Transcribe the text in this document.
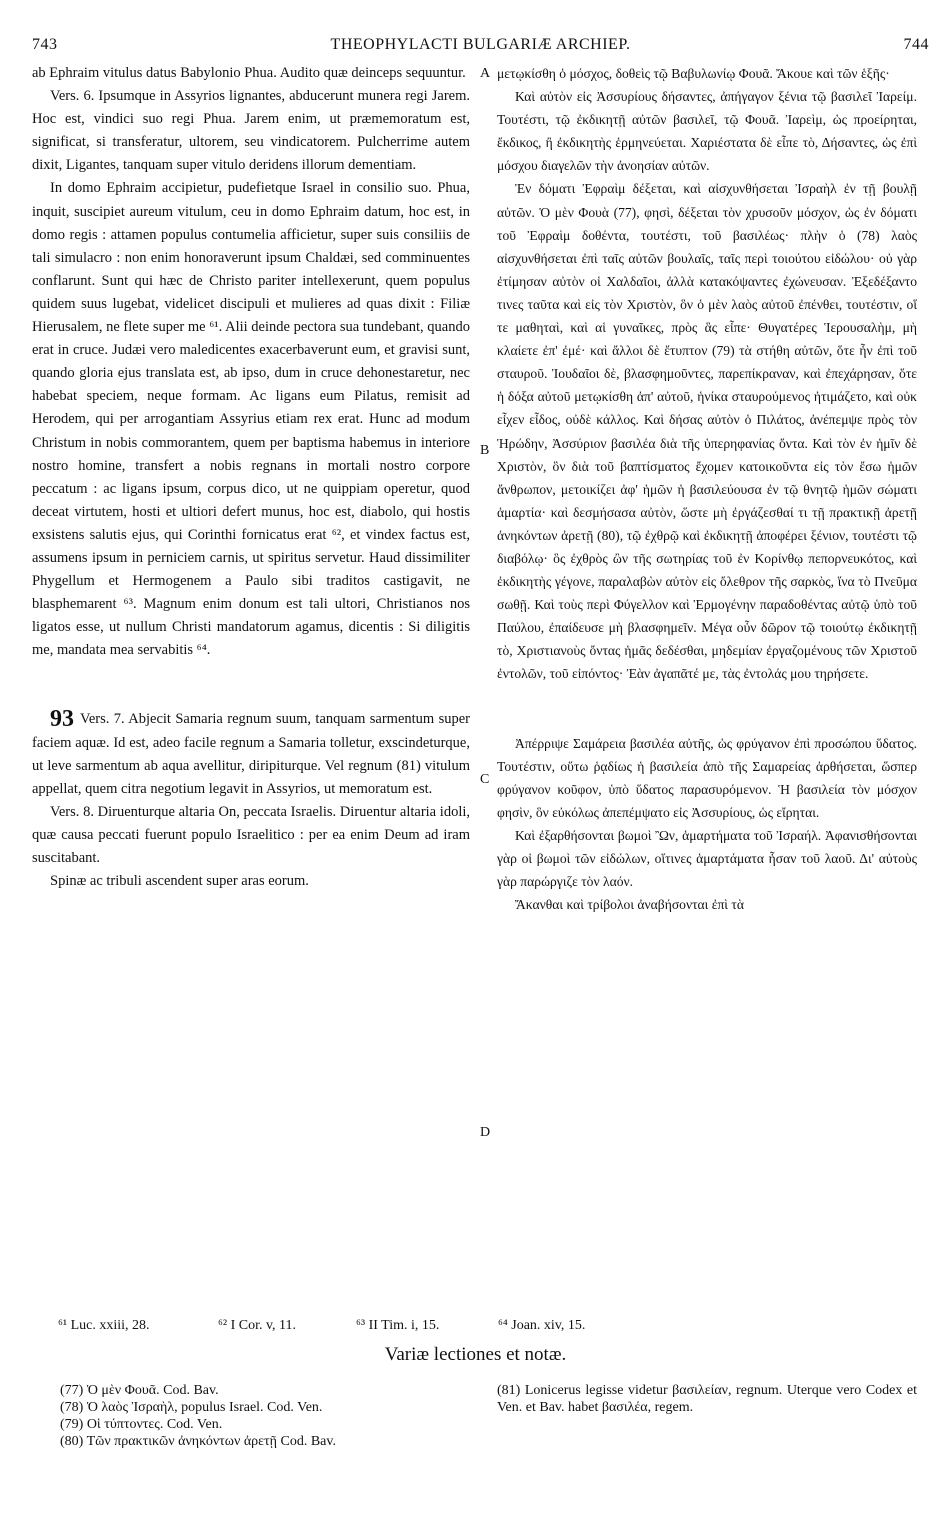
743	THEOPHYLACTI BULGARIÆ ARCHIEP.	744
A
B
C
D

ab Ephraim vitulus datus Babylonio Phua. Audito quæ deinceps sequuntur.

Vers. 6. Ipsumque in Assyrios lignantes, abducerunt munera regi Jarem. Hoc est, vindici suo regi Phua. Jarem enim, ut præmemoratum est, significat, si transferatur, ultorem, seu vindicatorem. Pulcherrime autem dixit, Ligantes, tanquam super vitulo deridens illorum dementiam.

In domo Ephraim accipietur, pudefietque Israel in consilio suo. Phua, inquit, suscipiet aureum vitulum, ceu in domo Ephraim datum, hoc est, in domo regis : attamen populus contumelia afficietur, super suis consiliis de tali simulacro : non enim honoraverunt ipsum Chaldæi, sed comminuentes conflarunt. Sunt qui hæc de Christo pariter intellexerunt, quem populus quidem suus lugebat, videlicet discipuli et mulieres ad quas dixit : Filiæ Hierusalem, ne flete super me ⁶¹. Alii deinde pectora sua tundebant, quando erat in cruce. Judæi vero maledicentes exacerbaverunt eum, et gravisi sunt, quando gloria ejus translata est, ab ipso, dum in cruce dehonestaretur, nec habebat speciem, neque formam. Ac ligans eum Pilatus, remisit ad Herodem, qui per arrogantiam Assyrius etiam rex erat. Hunc ad modum Christum in nobis commorantem, quem per baptisma habemus in interiore nostro homine, transfert a nobis regnans in mortali nostro corpore peccatum : ac ligans ipsum, corpus dico, ut ne quippiam operetur, quod deceat virtutem, hosti et ultiori defert munus, hoc est, diabolo, qui hostis exsistens salutis ejus, qui Corinthi fornicatus erat ⁶², et vindex factus est, assumens ipsum in perniciem carnis, ut spiritus servetur. Haud dissimiliter Phygellum et Hermogenem a Paulo sibi traditos castigavit, ne blasphemarent ⁶³. Magnum enim donum est tali ultori, Christianos nos ligatos esse, ut nullum Christi mandatorum agamus, dicentis : Si diligitis me, mandata mea servabitis ⁶⁴.

93 Vers. 7. Abjecit Samaria regnum suum, tanquam sarmentum super faciem aquæ. Id est, adeo facile regnum a Samaria tolletur, exscindeturque, ut leve sarmentum ab aqua avellitur, diripiturque. Vel regnum (81) vitulum appellat, quem citra negotium legavit in Assyrios, ut memoratum est.

Vers. 8. Diruenturque altaria On, peccata Israelis. Diruentur altaria idoli, quæ causa peccati fuerunt populo Israelitico : per ea enim Deum ad iram suscitabant.

Spinæ ac tribuli ascendent super aras eorum.

μετῳκίσθη ὁ μόσχος, δοθεὶς τῷ Βαβυλωνίῳ Φουᾶ. Ἄκουε καὶ τῶν ἑξῆς·

Καὶ αὐτὸν εἰς Ἀσσυρίους δήσαντες, ἀπήγαγον ξένια τῷ βασιλεῖ Ἰαρείμ. Τουτέστι, τῷ ἐκδικητῇ αὐτῶν βασιλεῖ, τῷ Φουᾶ. Ἰαρεὶμ, ὡς προείρηται, ἔκδικος, ἢ ἐκδικητὴς ἑρμηνεύεται. Χαριέστατα δὲ εἶπε τὸ, Δήσαντες, ὡς ἐπὶ μόσχου διαγελῶν τὴν ἀνοησίαν αὐτῶν.

Ἐν δόματι Ἐφραὶμ δέξεται, καὶ αἰσχυνθήσεται Ἰσραὴλ ἐν τῇ βουλῇ αὐτῶν. Ὁ μὲν Φουὰ (77), φησὶ, δέξεται τὸν χρυσοῦν μόσχον, ὡς ἐν δόματι τοῦ Ἐφραὶμ δοθέντα, τουτέστι, τοῦ βασιλέως· πλὴν ὁ (78) λαὸς αἰσχυνθήσεται ἐπὶ ταῖς αὐτῶν βουλαῖς, ταῖς περὶ τοιούτου εἰδώλου· οὐ γὰρ ἐτίμησαν αὐτὸν οἱ Χαλδαῖοι, ἀλλὰ κατακόψαντες ἐχώνευσαν. Ἐξεδέξαντο τινες ταῦτα καὶ εἰς τὸν Χριστὸν, ὃν ὁ μὲν λαὸς αὐτοῦ ἐπένθει, τουτέστιν, οἵ τε μαθηταὶ, καὶ αἱ γυναῖκες, πρὸς ἃς εἶπε· Θυγατέρες Ἱερουσαλὴμ, μὴ κλαίετε ἐπ' ἐμέ· καὶ ἄλλοι δὲ ἔτυπτον (79) τὰ στήθη αὐτῶν, ὅτε ἦν ἐπὶ τοῦ σταυροῦ. Ἰουδαῖοι δὲ, βλασφημοῦντες, παρεπίκραναν, καὶ ἐπεχάρησαν, ὅτε ἡ δόξα αὐτοῦ μετῳκίσθη ἀπ' αὐτοῦ, ἡνίκα σταυρούμενος ἠτιμάζετο, καὶ οὐκ εἶχεν εἶδος, οὐδὲ κάλλος. Καὶ δήσας αὐτὸν ὁ Πιλάτος, ἀνέπεμψε πρὸς τὸν Ἡρώδην, Ἀσσύριον βασιλέα διὰ τῆς ὑπερηφανίας ὄντα. Καὶ τὸν ἐν ἡμῖν δὲ Χριστὸν, ὃν διὰ τοῦ βαπτίσματος ἔχομεν κατοικοῦντα εἰς τὸν ἔσω ἡμῶν ἄνθρωπον, μετοικίζει ἀφ' ἡμῶν ἡ βασιλεύουσα ἐν τῷ θνητῷ ἡμῶν σώματι ἁμαρτία· καὶ δεσμήσασα αὐτὸν, ὥστε μὴ ἐργάζεσθαί τι τῇ πρακτικῇ ἀρετῇ ἀνηκόντων ἀρετῇ (80), τῷ ἐχθρῷ καὶ ἐκδικητῇ ἀποφέρει ξένιον, τουτέστι τῷ διαβόλῳ· ὃς ἐχθρὸς ὢν τῆς σωτηρίας τοῦ ἐν Κορίνθῳ πεπορνευκότος, καὶ ἐκδικητὴς γέγονε, παραλαβὼν αὐτὸν εἰς ὄλεθρον τῆς σαρκὸς, ἵνα τὸ Πνεῦμα σωθῇ. Καὶ τοὺς περὶ Φύγελλον καὶ Ἑρμογένην παραδοθέντας αὐτῷ ὑπὸ τοῦ Παύλου, ἐπαίδευσε μὴ βλασφημεῖν. Μέγα οὖν δῶρον τῷ τοιούτῳ ἐκδικητῇ τὸ, Χριστιανοὺς ὄντας ἡμᾶς δεδέσθαι, μηδεμίαν ἐργαζομένους τῶν Χριστοῦ ἐντολῶν, τοῦ εἰπόντος· Ἐὰν ἀγαπᾶτέ με, τὰς ἐντολάς μου τηρήσετε.

Ἀπέρριψε Σαμάρεια βασιλέα αὐτῆς, ὡς φρύγανον ἐπὶ προσώπου ὕδατος. Τουτέστιν, οὕτω ῥᾳδίως ἡ βασιλεία ἀπὸ τῆς Σαμαρείας ἀρθήσεται, ὥσπερ φρύγανον κοῦφον, ὑπὸ ὕδατος παρασυρόμενον. Ἡ βασιλεία τὸν μόσχον φησὶν, ὃν εὐκόλως ἀπεπέμψατο εἰς Ἀσσυρίους, ὡς εἴρηται.

Καὶ ἐξαρθήσονται βωμοὶ Ὢν, ἁμαρτήματα τοῦ Ἰσραήλ. Ἀφανισθήσονται γὰρ οἱ βωμοὶ τῶν εἰδώλων, οἵτινες ἁμαρτάματα ἦσαν τοῦ λαοῦ. Δι' αὐτοὺς γὰρ παρώργιζε τὸν λαόν.

Ἄκανθαι καὶ τρίβολοι ἀναβήσονται ἐπὶ τὰ

⁶¹ Luc. xxiii, 28.	⁶² I Cor. v, 11.	⁶³ II Tim. i, 15.	⁶⁴ Joan. xiv, 15.
Variæ lectiones et notæ.
(77) Ὁ μὲν Φουᾶ. Cod. Bav.
(78) Ὁ λαὸς Ἰσραὴλ, populus Israel. Cod. Ven.
(79) Οἱ τύπτοντες. Cod. Ven.
(80) Τῶν πρακτικῶν ἀνηκόντων ἀρετῇ Cod. Bav.
(81) Lonicerus legisse videtur βασιλείαν, regnum. Uterque vero Codex et Ven. et Bav. habet βασιλέα, regem.
